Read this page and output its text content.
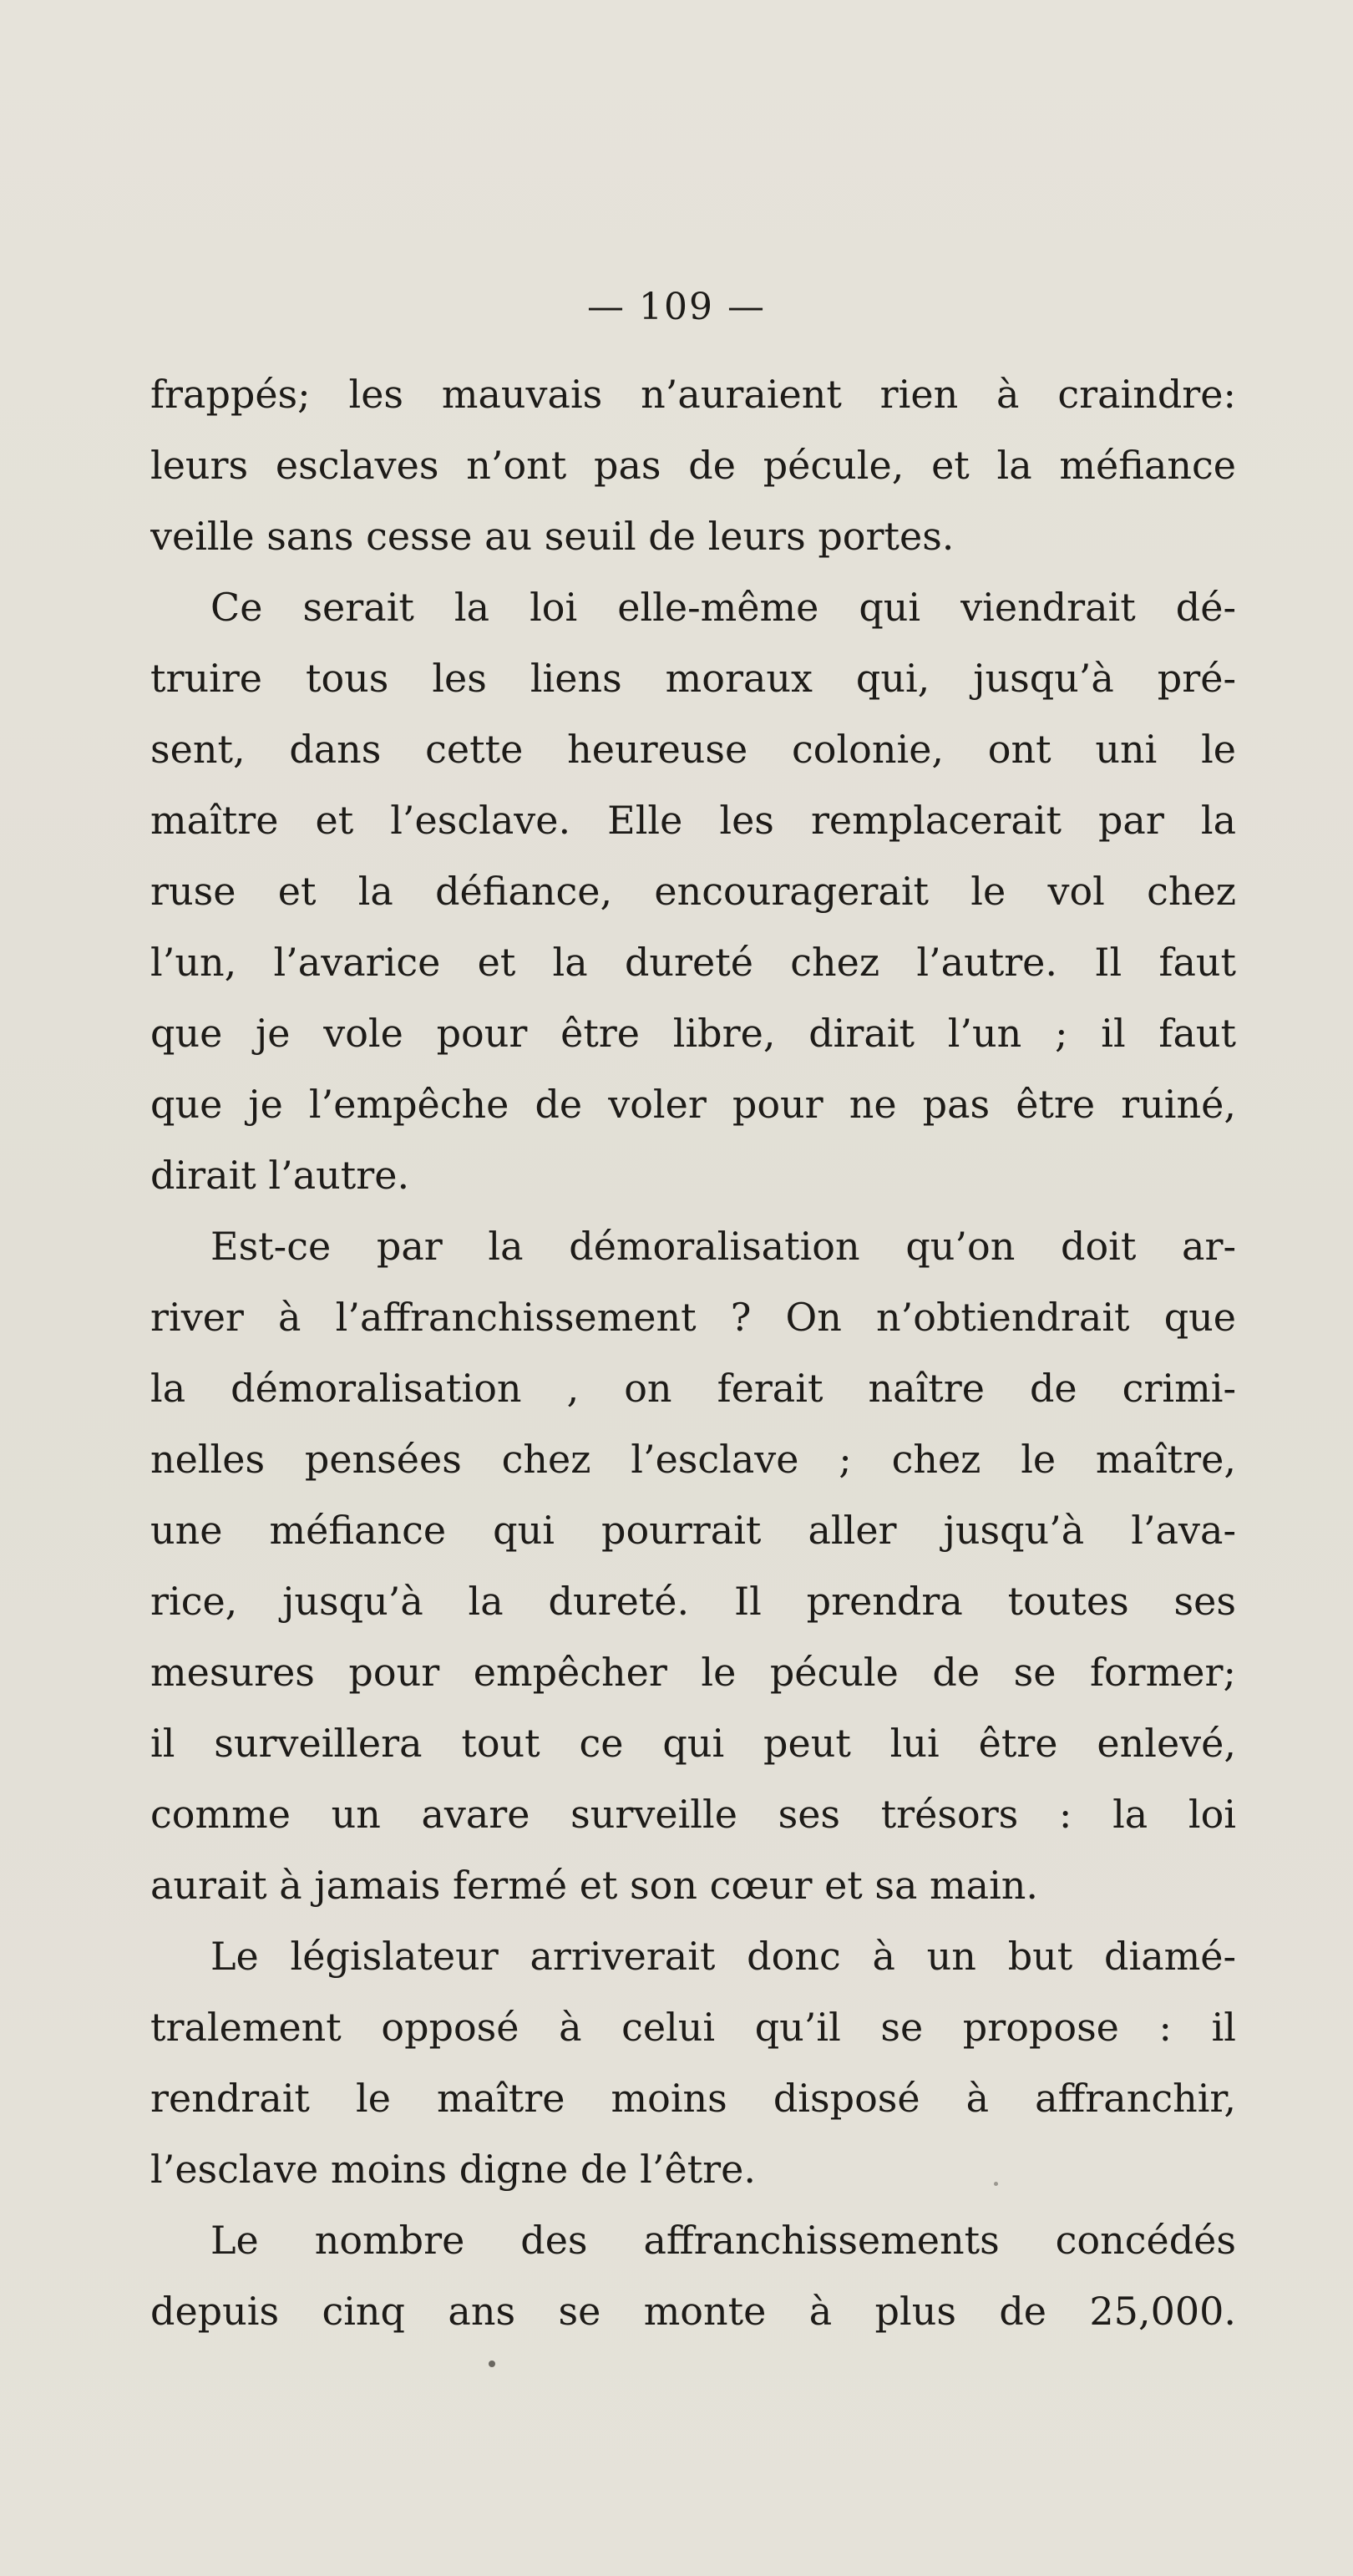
— 109 —
frappés; les mauvais n’auraient rien à craindre:
leurs esclaves n’ont pas de pécule, et la méfiance
veille sans cesse au seuil de leurs portes.
Ce serait la loi elle-même qui viendrait dé-
truire tous les liens moraux qui, jusqu’à pré-
sent, dans cette heureuse colonie, ont uni le
maître et l’esclave. Elle les remplacerait par la
ruse et la défiance, encouragerait le vol chez
l’un, l’avarice et la dureté chez l’autre. Il faut
que je vole pour être libre, dirait l’un ; il faut
que je l’empêche de voler pour ne pas être ruiné,
dirait l’autre.
Est-ce par la démoralisation qu’on doit ar-
river à l’affranchissement ? On n’obtiendrait que
la démoralisation , on ferait naître de crimi-
nelles pensées chez l’esclave ; chez le maître,
une méfiance qui pourrait aller jusqu’à l’ava-
rice, jusqu’à la dureté. Il prendra toutes ses
mesures pour empêcher le pécule de se former;
il surveillera tout ce qui peut lui être enlevé,
comme un avare surveille ses trésors : la loi
aurait à jamais fermé et son cœur et sa main.
Le législateur arriverait donc à un but diamé-
tralement opposé à celui qu’il se propose : il
rendrait le maître moins disposé à affranchir,
l’esclave moins digne de l’être.
Le nombre des affranchissements concédés
depuis cinq ans se monte à plus de 25,000.
